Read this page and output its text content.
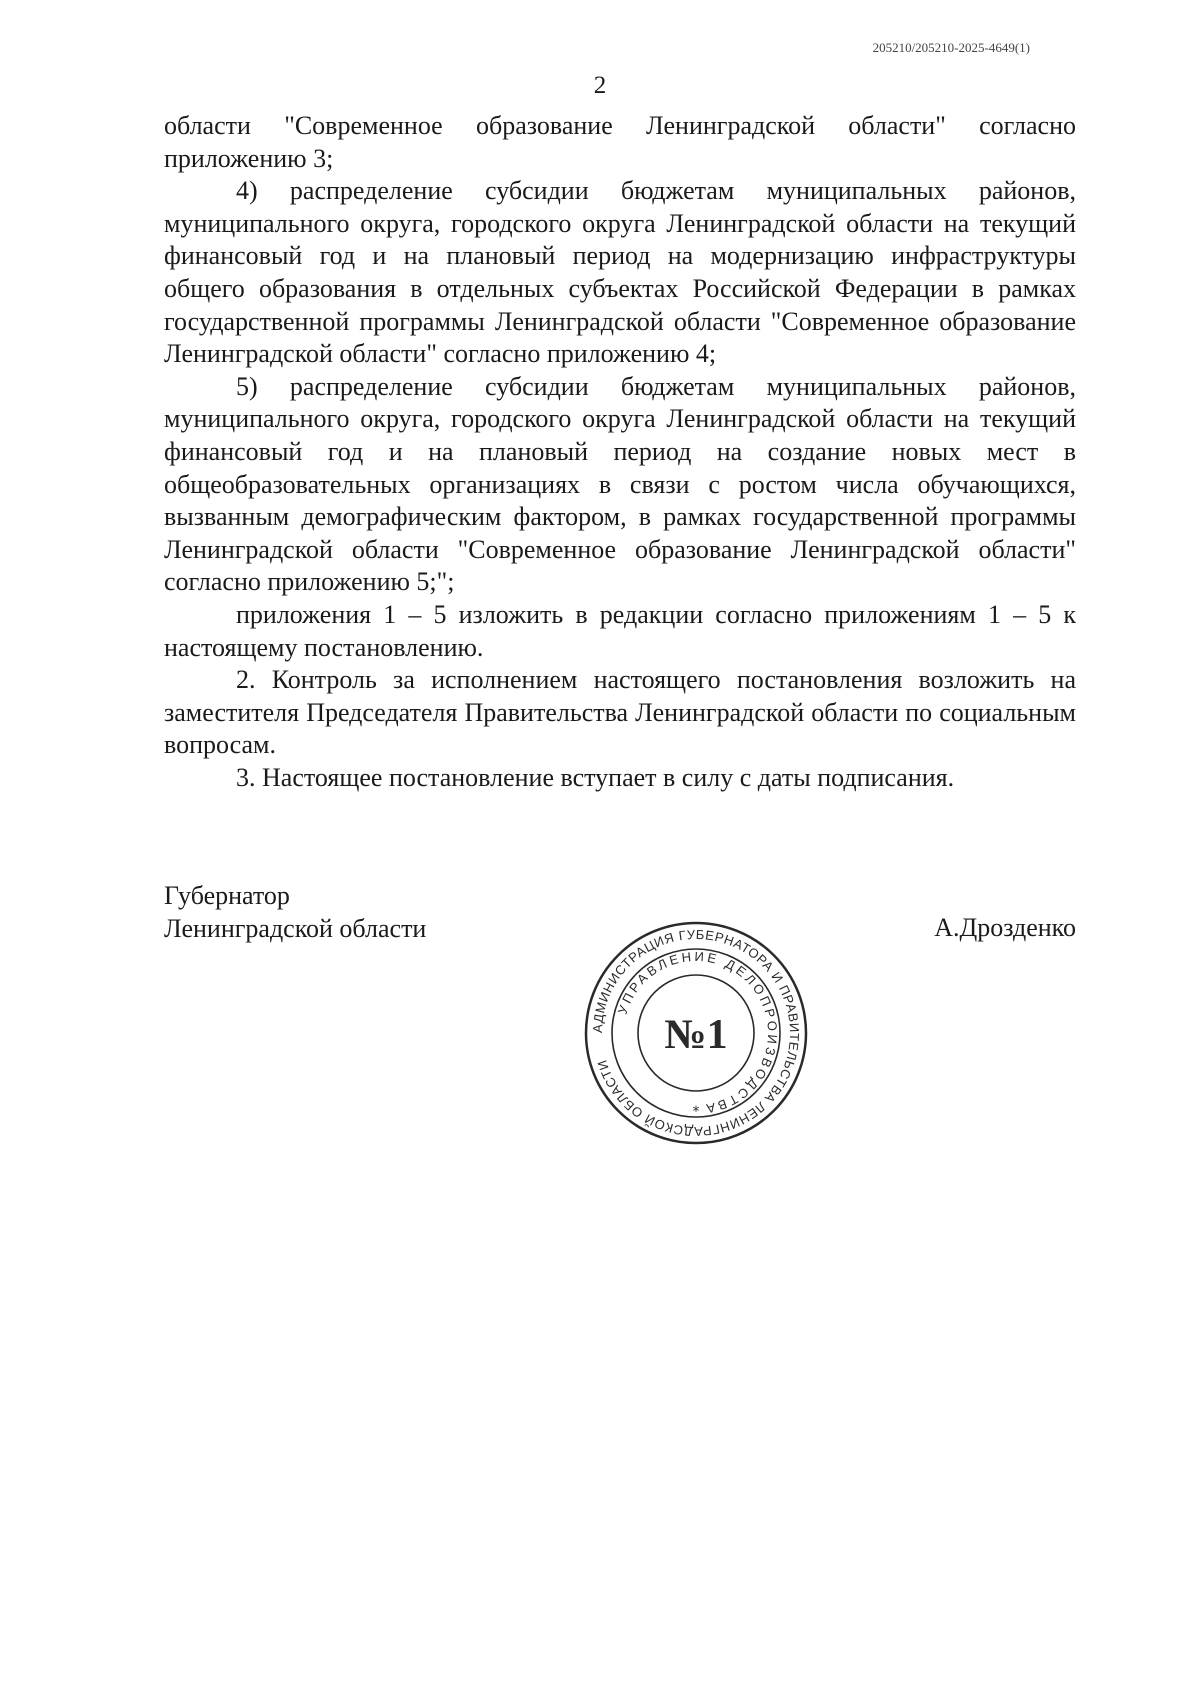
205210/205210-2025-4649(1)
2

области "Современное образование Ленинградской области" согласно приложению 3;

4) распределение субсидии бюджетам муниципальных районов, муниципального округа, городского округа Ленинградской области на текущий финансовый год и на плановый период на модернизацию инфраструктуры общего образования в отдельных субъектах Российской Федерации в рамках государственной программы Ленинградской области "Современное образование Ленинградской области" согласно приложению 4;

5) распределение субсидии бюджетам муниципальных районов, муниципального округа, городского округа Ленинградской области на текущий финансовый год и на плановый период на создание новых мест в общеобразовательных организациях в связи с ростом числа обучающихся, вызванным демографическим фактором, в рамках государственной программы Ленинградской области "Современное образование Ленинградской области" согласно приложению 5;";

приложения 1 – 5 изложить в редакции согласно приложениям 1 – 5 к настоящему постановлению.

2. Контроль за исполнением настоящего постановления возложить на заместителя Председателя Правительства Ленинградской области по социальным вопросам.

3. Настоящее постановление вступает в силу с даты подписания.

Губернатор
Ленинградской области	А.Дрозденко
АДМИНИСТРАЦИЯ ГУБЕРНАТОРА И ПРАВИТЕЛЬСТВА ЛЕНИНГРАДСКОЙ ОБЛАСТИ
УПРАВЛЕНИЕ ДЕЛОПРОИЗВОДСТВА
№1
*
